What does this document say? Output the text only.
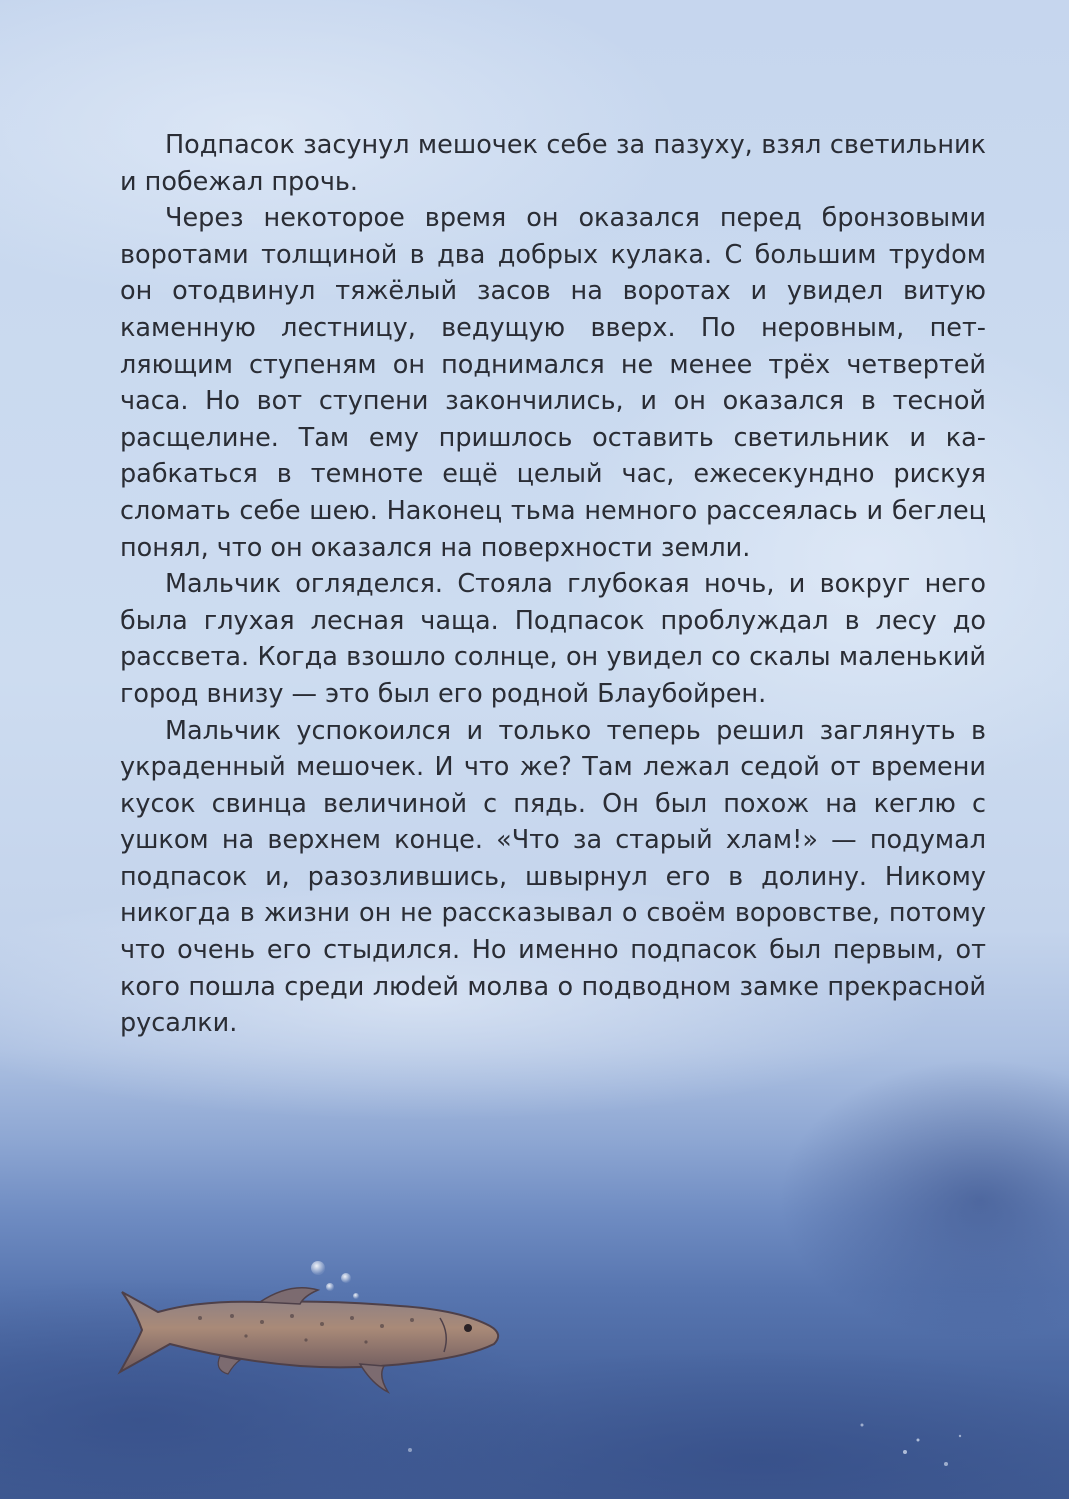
Подпасок засунул мешочек себе за пазуху, взял светильник и побежал прочь.

Через некоторое время он оказался перед бронзовыми воротами толщиной в два добрых кулака. С большим труdом он отодвинул тяжёлый засов на воротах и увидел витую каменную лестницу, ведущую вверх. По неровным, петляющим ступеням он поднимался не менее трёх четвертей часа. Но вот ступени закончились, и он оказался в тесной расщелине. Там ему пришлось оставить светильник и карабкаться в темноте ещё целый час, ежесекундно рискуя сломать себе шею. Наконец тьма немного рассеялась и беглец понял, что он оказался на поверхности земли.

Мальчик огляделся. Стояла глубокая ночь, и вокруг него была глухая лесная чаща. Подпасок проблуждал в лесу до рассвета. Когда взошло солнце, он увидел со скалы маленький город внизу — это был его родной Блаубойрен.

Мальчик успокоился и только теперь решил заглянуть в украденный мешочек. И что же? Там лежал седой от времени кусок свинца величиной с пядь. Он был похож на кеглю с ушком на верхнем конце. «Что за старый хлам!» — подумал подпасок и, разозлившись, швырнул его в долину. Никому никогда в жизни он не рассказывал о своём воровстве, потому что очень его стыдился. Но именно подпасок был первым, от кого пошла среди люdей молва о подводном замке прекрасной русалки.
